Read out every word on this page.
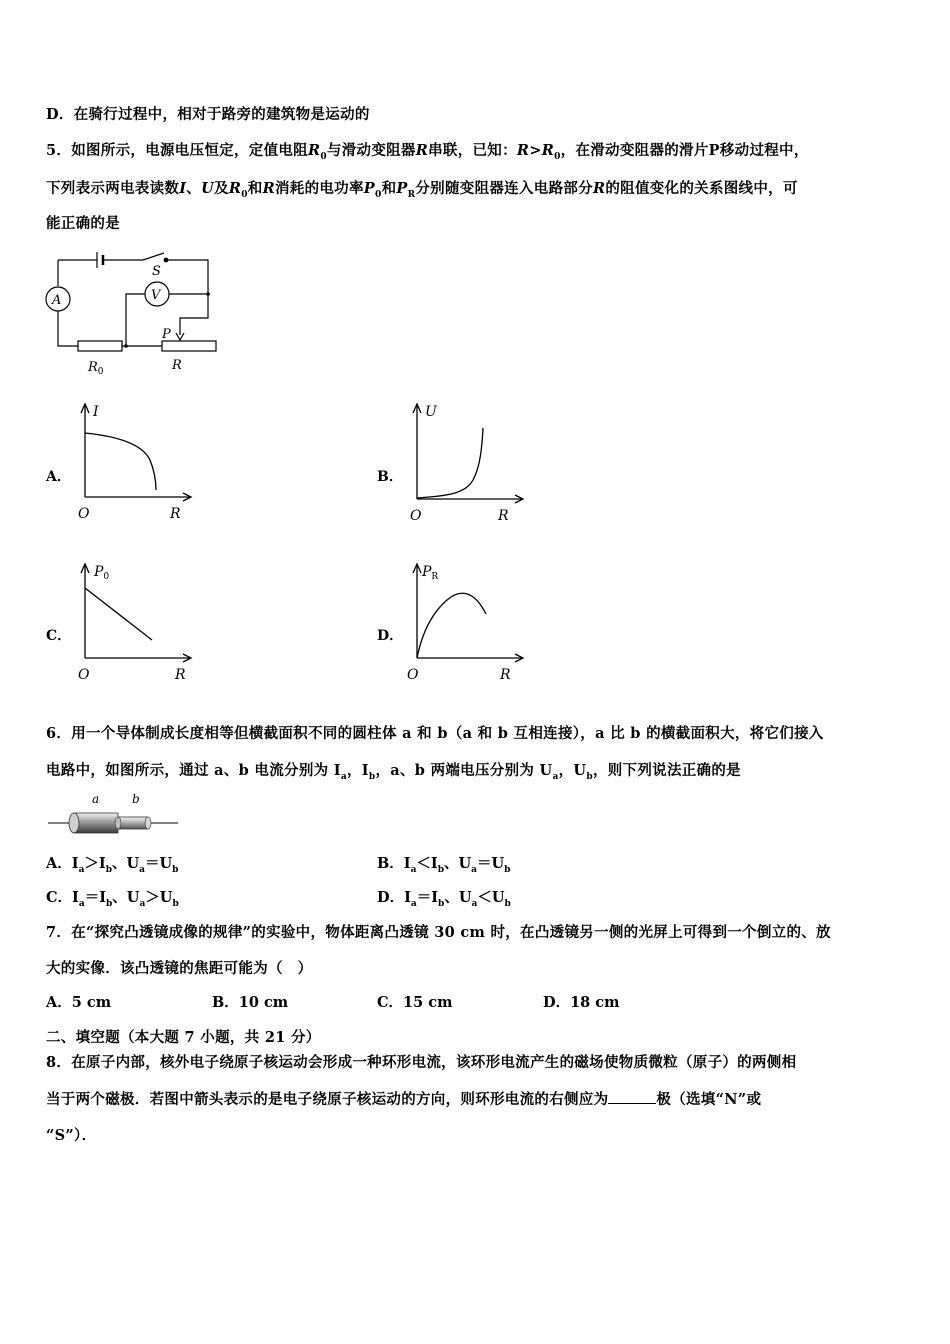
D．在骑行过程中，相对于路旁的建筑物是运动的
5．如图所示，电源电压恒定，定值电阻$R_0$与滑动变阻器R串联，已知：$R>R_0$，在滑动变阻器的滑片P移动过程中，
下列表示两电表读数I、U及$R_0$和R消耗的电功率$P_0$和$P_R$分别随变阻器连入电路部分R的阻值变化的关系图线中，可
能正确的是
A	V
S
P
$R_0$	R
A．
I
O	R
B．
U
O	R
C．
$P_0$
O	R
D．
$P_R$
O	R
6．用一个导体制成长度相等但横截面积不同的圆柱体 a 和 b（a 和 b 互相连接），a 比 b 的横截面积大，将它们接入
电路中，如图所示，通过 a、b 电流分别为 $I_a$，$I_b$，a、b 两端电压分别为 $U_a$，$U_b$，则下列说法正确的是
a	b
A．$I_a>I_b$、$U_a=U_b$	B．$I_a<I_b$、$U_a=U_b$
C．$I_a=I_b$、$U_a>U_b$	D．$I_a=I_b$、$U_a<U_b$
7．在“探究凸透镜成像的规律”的实验中，物体距离凸透镜 30 cm 时，在凸透镜另一侧的光屏上可得到一个倒立的、放
大的实像．该凸透镜的焦距可能为（　）
A．5 cm	B．10 cm	C．15 cm	D．18 cm
二、填空题（本大题 7 小题，共 21 分）
8．在原子内部，核外电子绕原子核运动会形成一种环形电流，该环形电流产生的磁场使物质微粒（原子）的两侧相
当于两个磁极．若图中箭头表示的是电子绕原子核运动的方向，则环形电流的右侧应为	极（选填“N”或
“S”）．
